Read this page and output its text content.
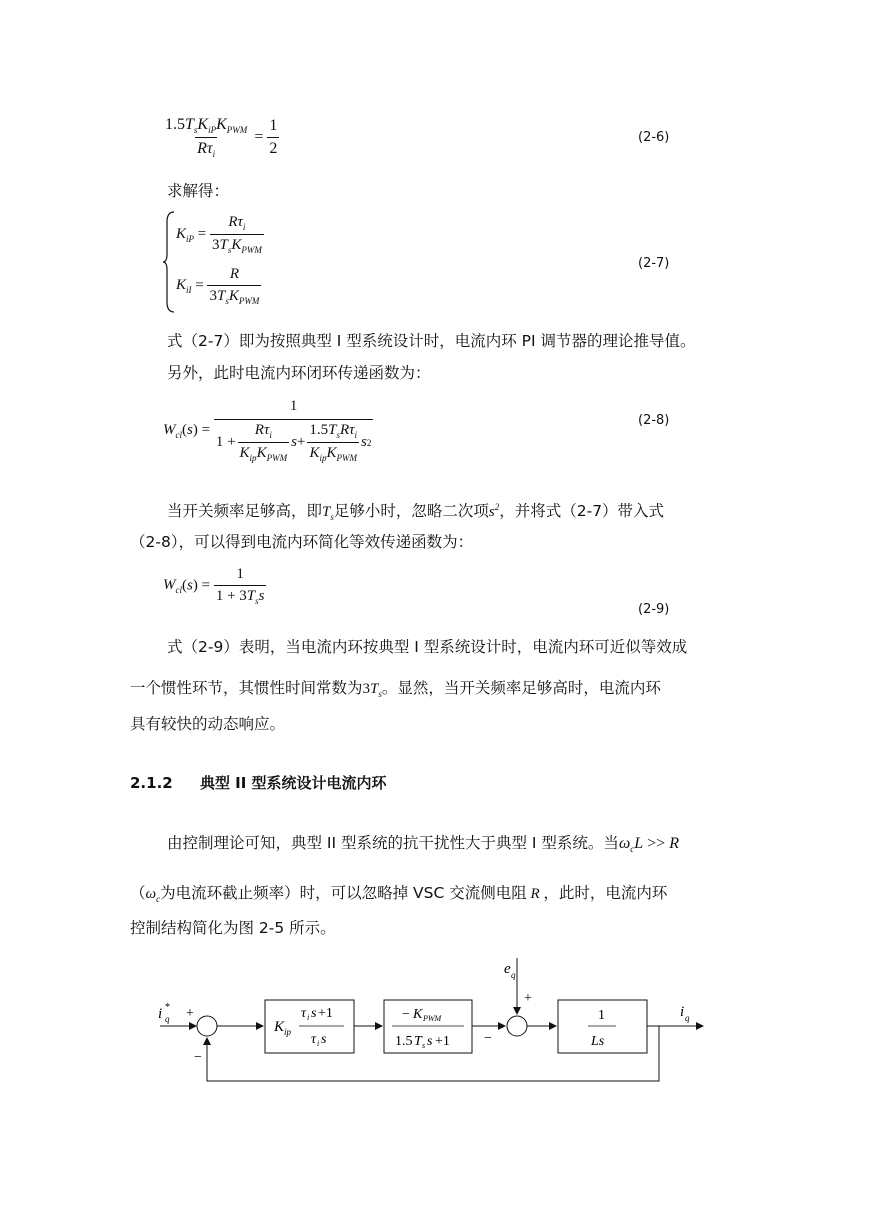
$\frac{1.5T_sK_{iP}K_{PWM}}{R\tau_i} = \frac{1}{2}$	(2-6)
求解得：
$K_{iP} = \frac{R\tau_i}{3T_sK_{PWM}}$
$K_{iI} = \frac{R}{3T_sK_{PWM}}$
(2-7)
式（2-7）即为按照典型 I 型系统设计时，电流内环 PI 调节器的理论推导值。
另外，此时电流内环闭环传递函数为：
$W_{cl}(s)$ =
1
$1 + \frac{R\tau_i}{K_{ip}K_{PWM}}$ $s + \frac{1.5T_sR\tau_i}{K_{ip}K_{PWM}}$ s 2
(2-8)
当开关频率足够高，即$T_s$足够小时，忽略二次项$s^2$，并将式（2-7）带入式
（2-8），可以得到电流内环简化等效传递函数为：
$W_{cl}(s) = \frac{1}{1 + 3T_ss}$
(2-9)
式（2-9）表明，当电流内环按典型 I 型系统设计时，电流内环可近似等效成
一个惯性环节，其惯性时间常数为$3T_s$。显然，当开关频率足够高时，电流内环
具有较快的动态响应。
2.1.2 典型 II 型系统设计电流内环
由控制理论可知，典型 II 型系统的抗干扰性大于典型 I 型系统。当$\omega_cL >> R$
（$\omega_c$为电流环截止频率）时，可以忽略掉 VSC 交流侧电阻 R ，此时，电流内环
控制结构简化为图 2-5 所示。
i *
q +
−
K ip
τ i s +1
τ i s
− K PWM
1.5 T s s +1 −
e q
+
1
Ls
i q
